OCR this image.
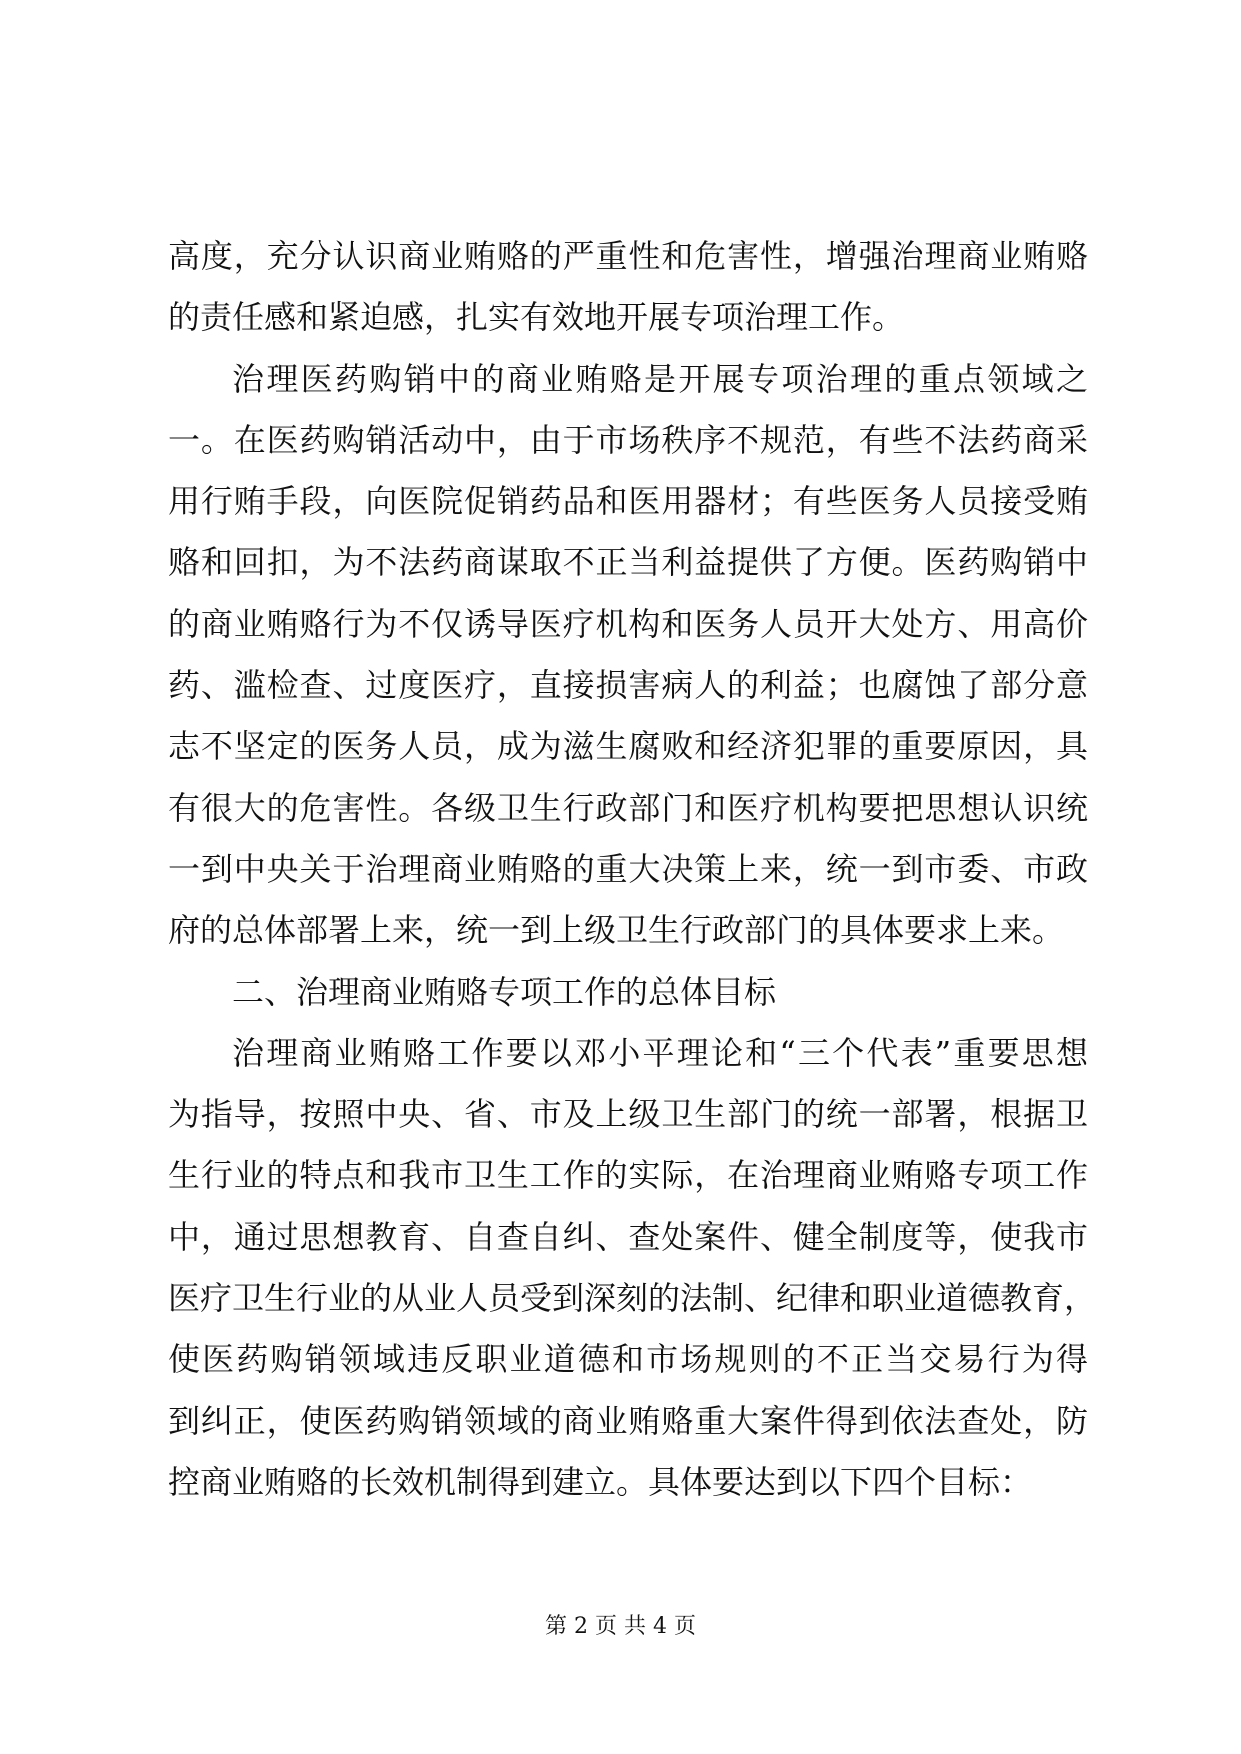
高度，充分认识商业贿赂的严重性和危害性，增强治理商业贿赂
的责任感和紧迫感，扎实有效地开展专项治理工作。
治理医药购销中的商业贿赂是开展专项治理的重点领域之
一。在医药购销活动中，由于市场秩序不规范，有些不法药商采
用行贿手段，向医院促销药品和医用器材；有些医务人员接受贿
赂和回扣，为不法药商谋取不正当利益提供了方便。医药购销中
的商业贿赂行为不仅诱导医疗机构和医务人员开大处方、用高价
药、滥检查、过度医疗，直接损害病人的利益；也腐蚀了部分意
志不坚定的医务人员，成为滋生腐败和经济犯罪的重要原因，具
有很大的危害性。各级卫生行政部门和医疗机构要把思想认识统
一到中央关于治理商业贿赂的重大决策上来，统一到市委、市政
府的总体部署上来，统一到上级卫生行政部门的具体要求上来。
二、治理商业贿赂专项工作的总体目标
治理商业贿赂工作要以邓小平理论和“三个代表”重要思想
为指导，按照中央、省、市及上级卫生部门的统一部署，根据卫
生行业的特点和我市卫生工作的实际，在治理商业贿赂专项工作
中，通过思想教育、自查自纠、查处案件、健全制度等，使我市
医疗卫生行业的从业人员受到深刻的法制、纪律和职业道德教育，
使医药购销领域违反职业道德和市场规则的不正当交易行为得
到纠正，使医药购销领域的商业贿赂重大案件得到依法查处，防
控商业贿赂的长效机制得到建立。具体要达到以下四个目标：
第 2 页 共 4 页
